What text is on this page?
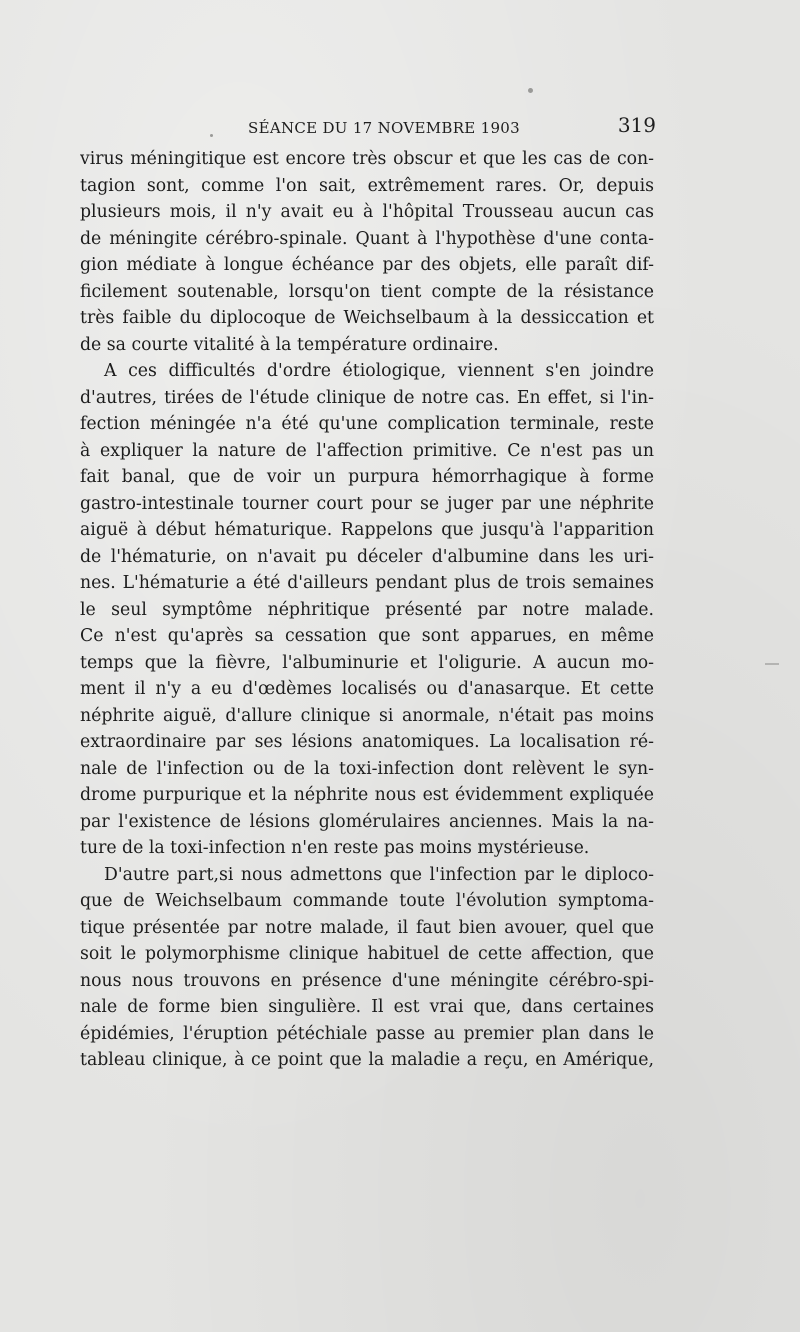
SÉANCE DU 17 NOVEMBRE 1903	319
virus méningitique est encore très obscur et que les cas de con-
tagion sont, comme l'on sait, extrêmement rares. Or, depuis
plusieurs mois, il n'y avait eu à l'hôpital Trousseau aucun cas
de méningite cérébro-spinale. Quant à l'hypothèse d'une conta-
gion médiate à longue échéance par des objets, elle paraît dif-
ficilement soutenable, lorsqu'on tient compte de la résistance
très faible du diplocoque de Weichselbaum à la dessiccation et
de sa courte vitalité à la température ordinaire.
A ces difficultés d'ordre étiologique, viennent s'en joindre
d'autres, tirées de l'étude clinique de notre cas. En effet, si l'in-
fection méningée n'a été qu'une complication terminale, reste
à expliquer la nature de l'affection primitive. Ce n'est pas un
fait banal, que de voir un purpura hémorrhagique à forme
gastro-intestinale tourner court pour se juger par une néphrite
aiguë à début hématurique. Rappelons que jusqu'à l'apparition
de l'hématurie, on n'avait pu déceler d'albumine dans les uri-
nes. L'hématurie a été d'ailleurs pendant plus de trois semaines
le seul symptôme néphritique présenté par notre malade.
Ce n'est qu'après sa cessation que sont apparues, en même
temps que la fièvre, l'albuminurie et l'oligurie. A aucun mo-
ment il n'y a eu d'œdèmes localisés ou d'anasarque. Et cette
néphrite aiguë, d'allure clinique si anormale, n'était pas moins
extraordinaire par ses lésions anatomiques. La localisation ré-
nale de l'infection ou de la toxi-infection dont relèvent le syn-
drome purpurique et la néphrite nous est évidemment expliquée
par l'existence de lésions glomérulaires anciennes. Mais la na-
ture de la toxi-infection n'en reste pas moins mystérieuse.
D'autre part,si nous admettons que l'infection par le diploco-
que de Weichselbaum commande toute l'évolution symptoma-
tique présentée par notre malade, il faut bien avouer, quel que
soit le polymorphisme clinique habituel de cette affection, que
nous nous trouvons en présence d'une méningite cérébro-spi-
nale de forme bien singulière. Il est vrai que, dans certaines
épidémies, l'éruption pétéchiale passe au premier plan dans le
tableau clinique, à ce point que la maladie a reçu, en Amérique,
